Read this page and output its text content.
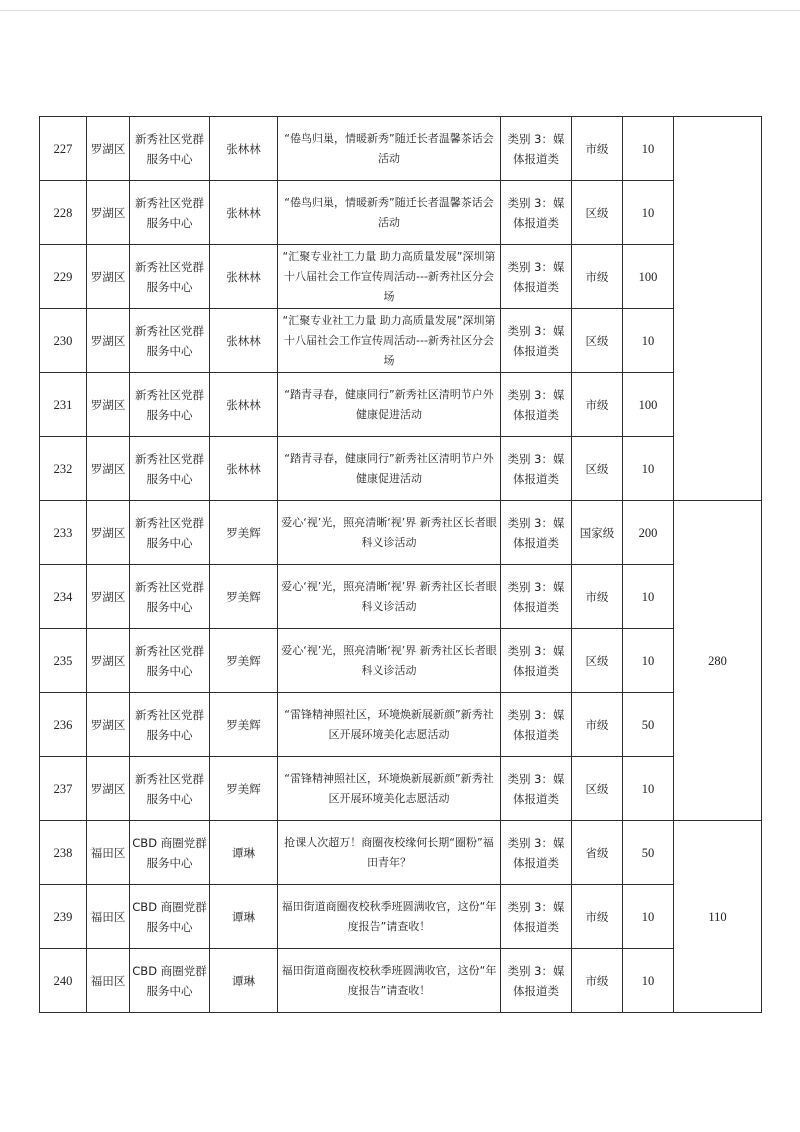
227	罗湖区	新秀社区党群服务中心	张林林	“倦鸟归巢，情暖新秀”随迁长者温馨茶话会活动	类别 3：媒体报道类	市级	10	
228	罗湖区	新秀社区党群服务中心	张林林	“倦鸟归巢，情暖新秀”随迁长者温馨茶话会活动	类别 3：媒体报道类	区级	10	
229	罗湖区	新秀社区党群服务中心	张林林	“汇聚专业社工力量 助力高质量发展”深圳第十八届社会工作宣传周活动---新秀社区分会场	类别 3：媒体报道类	市级	100	
230	罗湖区	新秀社区党群服务中心	张林林	“汇聚专业社工力量 助力高质量发展”深圳第十八届社会工作宣传周活动---新秀社区分会场	类别 3：媒体报道类	区级	10	
231	罗湖区	新秀社区党群服务中心	张林林	“踏青寻春，健康同行”新秀社区清明节户外健康促进活动	类别 3：媒体报道类	市级	100	
232	罗湖区	新秀社区党群服务中心	张林林	“踏青寻春，健康同行”新秀社区清明节户外健康促进活动	类别 3：媒体报道类	区级	10	
233	罗湖区	新秀社区党群服务中心	罗美辉	爱心‘视’光，照亮清晰‘视’界 新秀社区长者眼科义诊活动	类别 3：媒体报道类	国家级	200	280
234	罗湖区	新秀社区党群服务中心	罗美辉	爱心‘视’光，照亮清晰‘视’界 新秀社区长者眼科义诊活动	类别 3：媒体报道类	市级	10	
235	罗湖区	新秀社区党群服务中心	罗美辉	爱心‘视’光，照亮清晰‘视’界 新秀社区长者眼科义诊活动	类别 3：媒体报道类	区级	10	
236	罗湖区	新秀社区党群服务中心	罗美辉	“雷锋精神照社区，环境焕新展新颜”新秀社区开展环境美化志愿活动	类别 3：媒体报道类	市级	50	
237	罗湖区	新秀社区党群服务中心	罗美辉	“雷锋精神照社区，环境焕新展新颜”新秀社区开展环境美化志愿活动	类别 3：媒体报道类	区级	10	
238	福田区	CBD 商圈党群服务中心	谭琳	抢课人次超万！商圈夜校缘何长期“圈粉”福田青年？	类别 3：媒体报道类	省级	50	110
239	福田区	CBD 商圈党群服务中心	谭琳	福田街道商圈夜校秋季班圆满收官，这份“年度报告”请查收！	类别 3：媒体报道类	市级	10	
240	福田区	CBD 商圈党群服务中心	谭琳	福田街道商圈夜校秋季班圆满收官，这份“年度报告”请查收！	类别 3：媒体报道类	市级	10	
